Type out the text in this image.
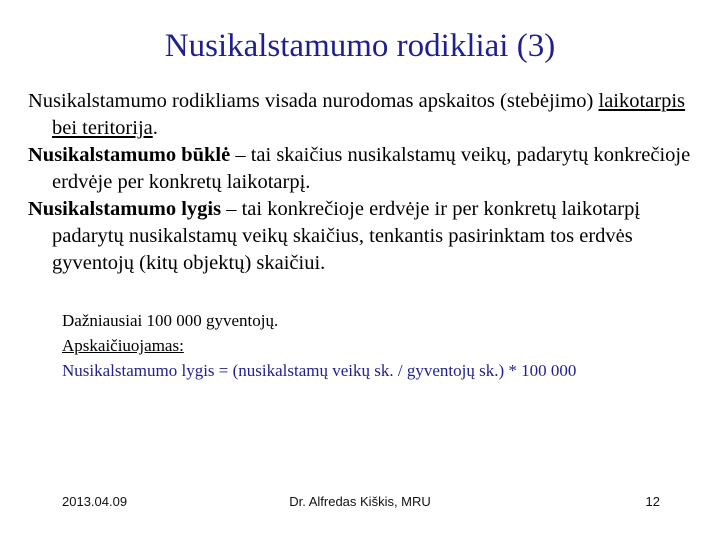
Nusikalstamumo rodikliai (3)

Nusikalstamumo rodikliams visada nurodomas apskaitos (stebėjimo) laikotarpis bei teritorija.

Nusikalstamumo būklė – tai skaičius nusikalstamų veikų, padarytų konkrečioje erdvėje per konkretų laikotarpį.

Nusikalstamumo lygis – tai konkrečioje erdvėje ir per konkretų laikotarpį padarytų nusikalstamų veikų skaičius, tenkantis pasirinktam tos erdvės gyventojų (kitų objektų) skaičiui.

Dažniausiai 100 000 gyventojų.
Apskaičiuojamas:
Nusikalstamumo lygis = (nusikalstamų veikų sk. / gyventojų sk.) * 100 000
2013.04.09	Dr. Alfredas Kiškis, MRU	12
